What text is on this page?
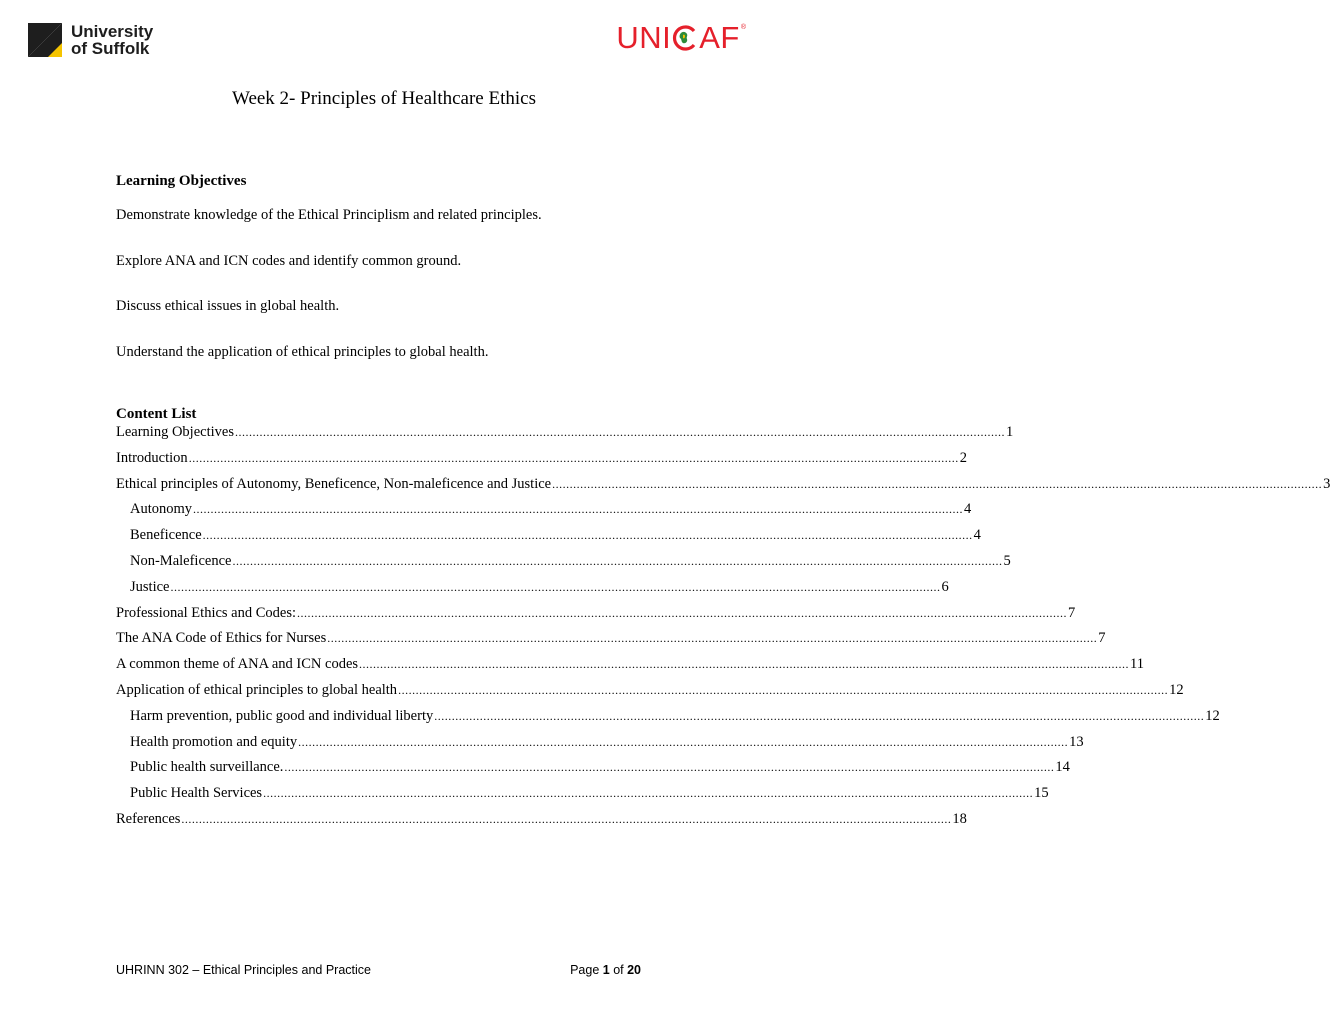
University
of Suffolk	UNI AF ®
Week 2- Principles of Healthcare Ethics
Learning Objectives

Demonstrate knowledge of the Ethical Principlism and related principles.

Explore ANA and ICN codes and identify common ground.

Discuss ethical issues in global health.

Understand the application of ethical principles to global health.

Content List
Learning Objectives ............................................................................................................................................................................................................................ 1
Introduction ............................................................................................................................................................................................................................ 2
Ethical principles of Autonomy, Beneficence, Non-maleficence and Justice ............................................................................................................................................................................................................................ 3
Autonomy ............................................................................................................................................................................................................................ 4
Beneficence ............................................................................................................................................................................................................................ 4
Non-Maleficence ............................................................................................................................................................................................................................ 5
Justice ............................................................................................................................................................................................................................ 6
Professional Ethics and Codes: ............................................................................................................................................................................................................................ 7
The ANA Code of Ethics for Nurses ............................................................................................................................................................................................................................ 7
A common theme of ANA and ICN codes ............................................................................................................................................................................................................................ 11
Application of ethical principles to global health ............................................................................................................................................................................................................................ 12
Harm prevention, public good and individual liberty ............................................................................................................................................................................................................................ 12
Health promotion and equity ............................................................................................................................................................................................................................ 13
Public health surveillance. ............................................................................................................................................................................................................................ 14
Public Health Services ............................................................................................................................................................................................................................ 15
References ............................................................................................................................................................................................................................ 18
UHRINN 302 – Ethical Principles and Practice	Page 1 of 20
